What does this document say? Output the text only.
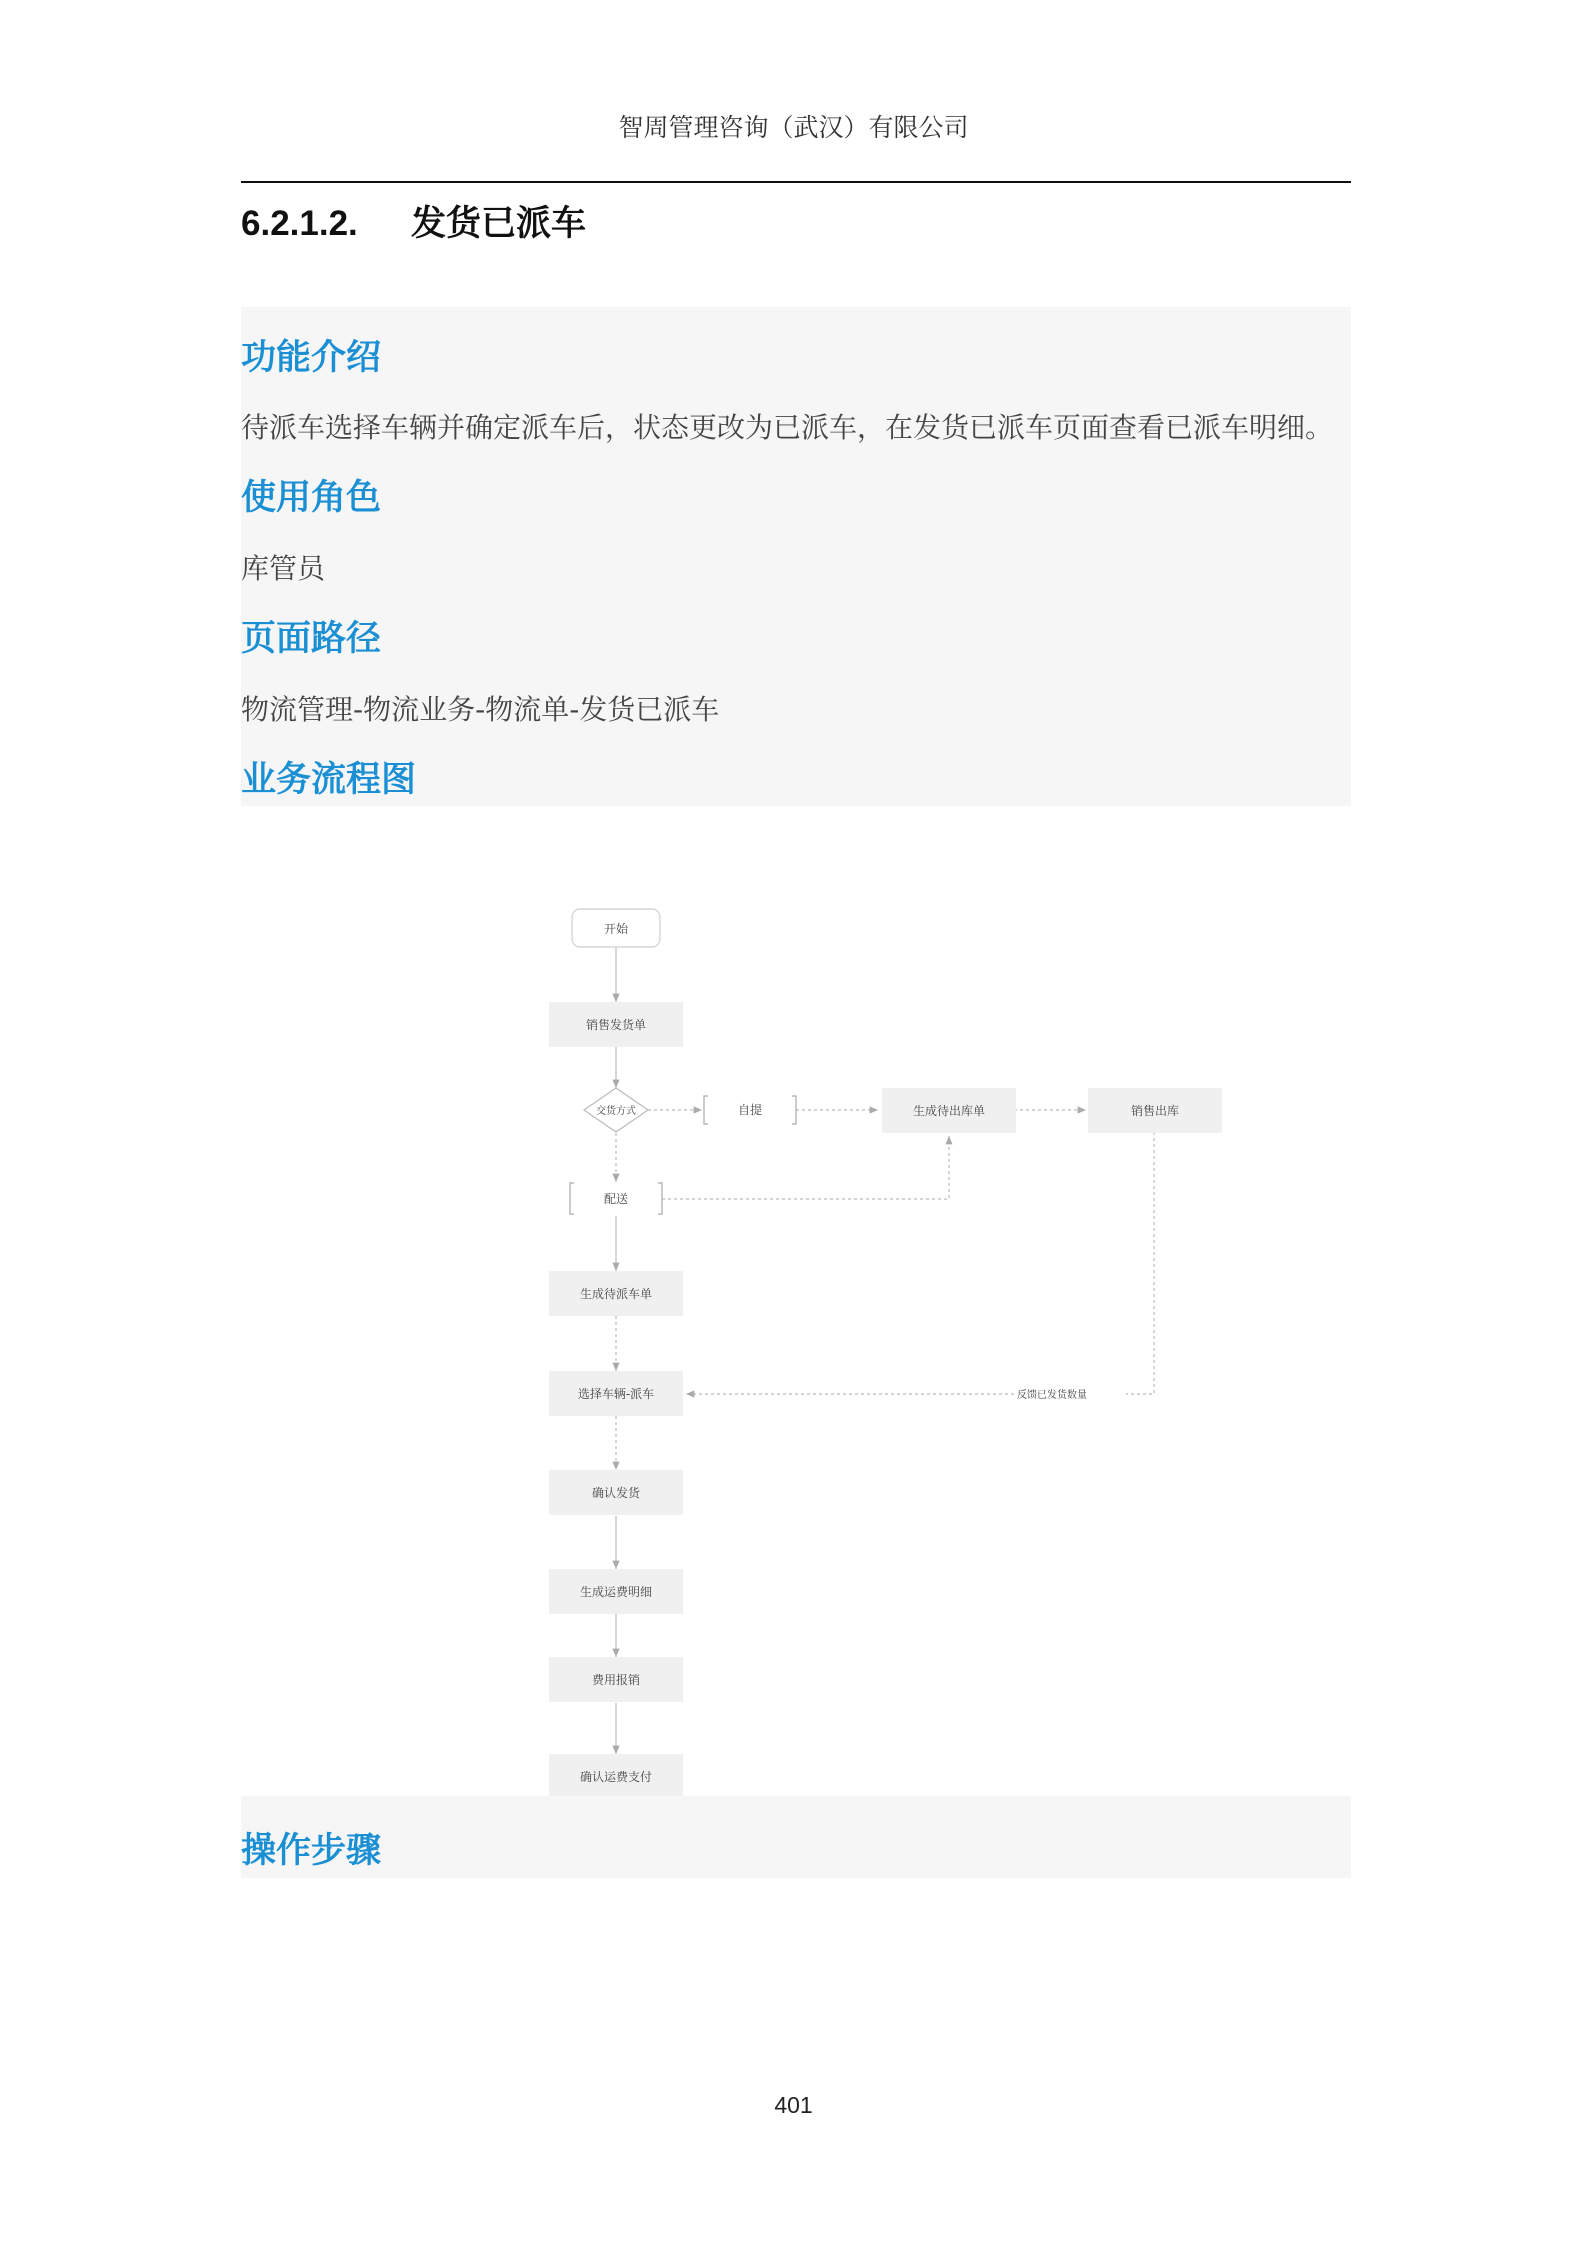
智周管理咨询（武汉）有限公司
6.2.1.2. 发货已派车
功能介绍
待派车选择车辆并确定派车后，状态更改为已派车，在发货已派车页面查看已派车明细。
使用角色
库管员
页面路径
物流管理-物流业务-物流单-发货已派车
业务流程图
开始
销售发货单
交货方式	自提	生成待出库单	销售出库
配送
生成待派车单
选择车辆-派车	反馈已发货数量
确认发货
生成运费明细
费用报销
确认运费支付
操作步骤
401
